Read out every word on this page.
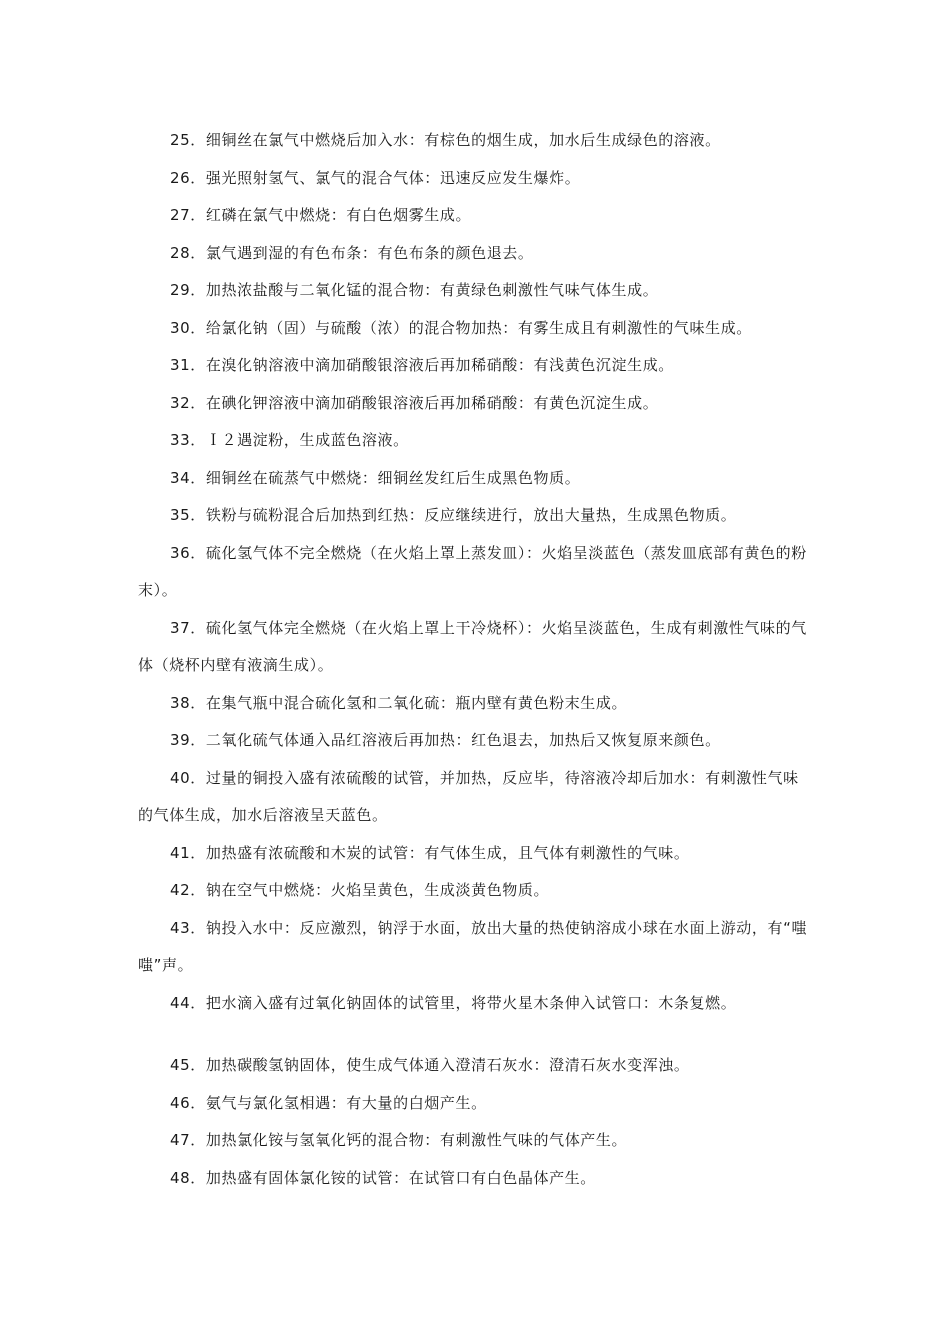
25．细铜丝在氯气中燃烧后加入水：有棕色的烟生成，加水后生成绿色的溶液。

26．强光照射氢气、氯气的混合气体：迅速反应发生爆炸。

27．红磷在氯气中燃烧：有白色烟雾生成。

28．氯气遇到湿的有色布条：有色布条的颜色退去。

29．加热浓盐酸与二氧化锰的混合物：有黄绿色刺激性气味气体生成。

30．给氯化钠（固）与硫酸（浓）的混合物加热：有雾生成且有刺激性的气味生成。

31．在溴化钠溶液中滴加硝酸银溶液后再加稀硝酸：有浅黄色沉淀生成。

32．在碘化钾溶液中滴加硝酸银溶液后再加稀硝酸：有黄色沉淀生成。

33．Ｉ２遇淀粉，生成蓝色溶液。

34．细铜丝在硫蒸气中燃烧：细铜丝发红后生成黑色物质。

35．铁粉与硫粉混合后加热到红热：反应继续进行，放出大量热，生成黑色物质。

36．硫化氢气体不完全燃烧（在火焰上罩上蒸发皿）：火焰呈淡蓝色（蒸发皿底部有黄色的粉末）。

37．硫化氢气体完全燃烧（在火焰上罩上干冷烧杯）：火焰呈淡蓝色，生成有刺激性气味的气体（烧杯内壁有液滴生成）。

38．在集气瓶中混合硫化氢和二氧化硫：瓶内壁有黄色粉末生成。

39．二氧化硫气体通入品红溶液后再加热：红色退去，加热后又恢复原来颜色。

40．过量的铜投入盛有浓硫酸的试管，并加热，反应毕，待溶液冷却后加水：有刺激性气味的气体生成，加水后溶液呈天蓝色。

41．加热盛有浓硫酸和木炭的试管：有气体生成，且气体有刺激性的气味。

42．钠在空气中燃烧：火焰呈黄色，生成淡黄色物质。

43．钠投入水中：反应激烈，钠浮于水面，放出大量的热使钠溶成小球在水面上游动，有“嗤嗤”声。

44．把水滴入盛有过氧化钠固体的试管里，将带火星木条伸入试管口：木条复燃。

45．加热碳酸氢钠固体，使生成气体通入澄清石灰水：澄清石灰水变浑浊。

46．氨气与氯化氢相遇：有大量的白烟产生。

47．加热氯化铵与氢氧化钙的混合物：有刺激性气味的气体产生。

48．加热盛有固体氯化铵的试管：在试管口有白色晶体产生。
